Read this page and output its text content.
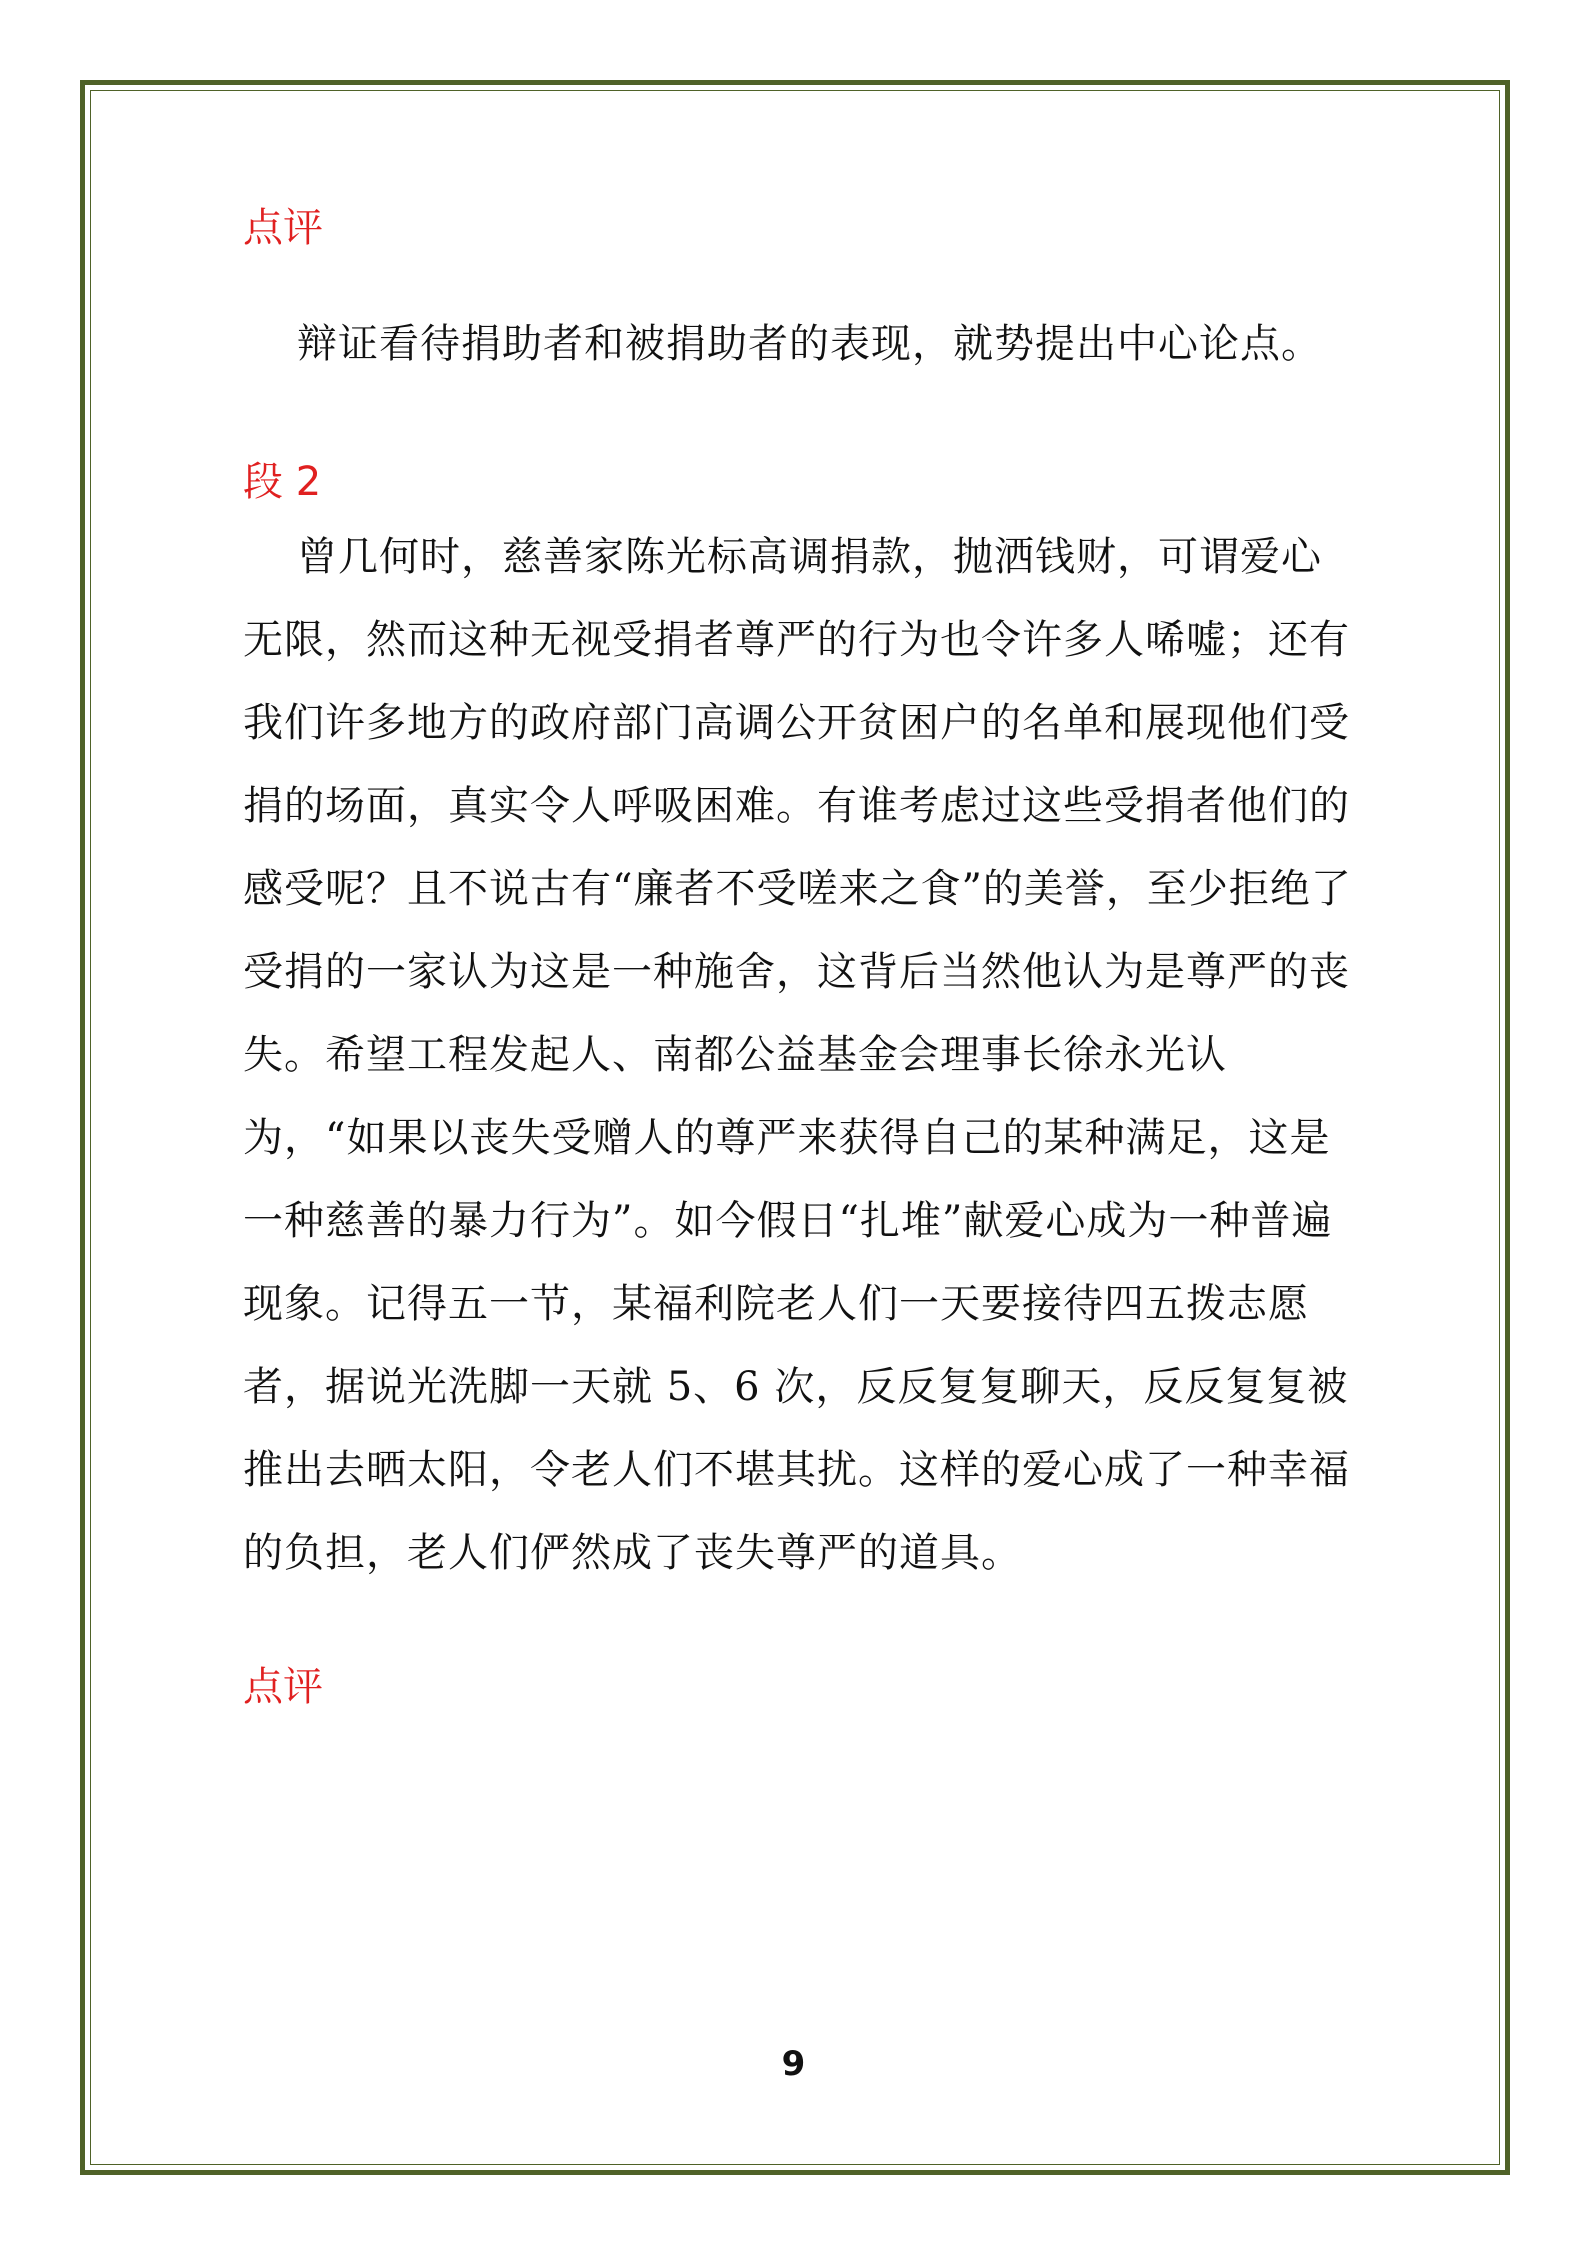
点评

辩证看待捐助者和被捐助者的表现，就势提出中心论点。

段 2

曾几何时，慈善家陈光标高调捐款，抛洒钱财，可谓爱心无限，然而这种无视受捐者尊严的行为也令许多人唏嘘；还有我们许多地方的政府部门高调公开贫困户的名单和展现他们受捐的场面，真实令人呼吸困难。有谁考虑过这些受捐者他们的感受呢？且不说古有“廉者不受嗟来之食”的美誉，至少拒绝了受捐的一家认为这是一种施舍，这背后当然他认为是尊严的丧失。希望工程发起人、南都公益基金会理事长徐永光认为，“如果以丧失受赠人的尊严来获得自己的某种满足，这是一种慈善的暴力行为”。如今假日“扎堆”献爱心成为一种普遍现象。记得五一节，某福利院老人们一天要接待四五拨志愿者，据说光洗脚一天就 5、6 次，反反复复聊天，反反复复被推出去晒太阳，令老人们不堪其扰。这样的爱心成了一种幸福的负担，老人们俨然成了丧失尊严的道具。

点评

9
